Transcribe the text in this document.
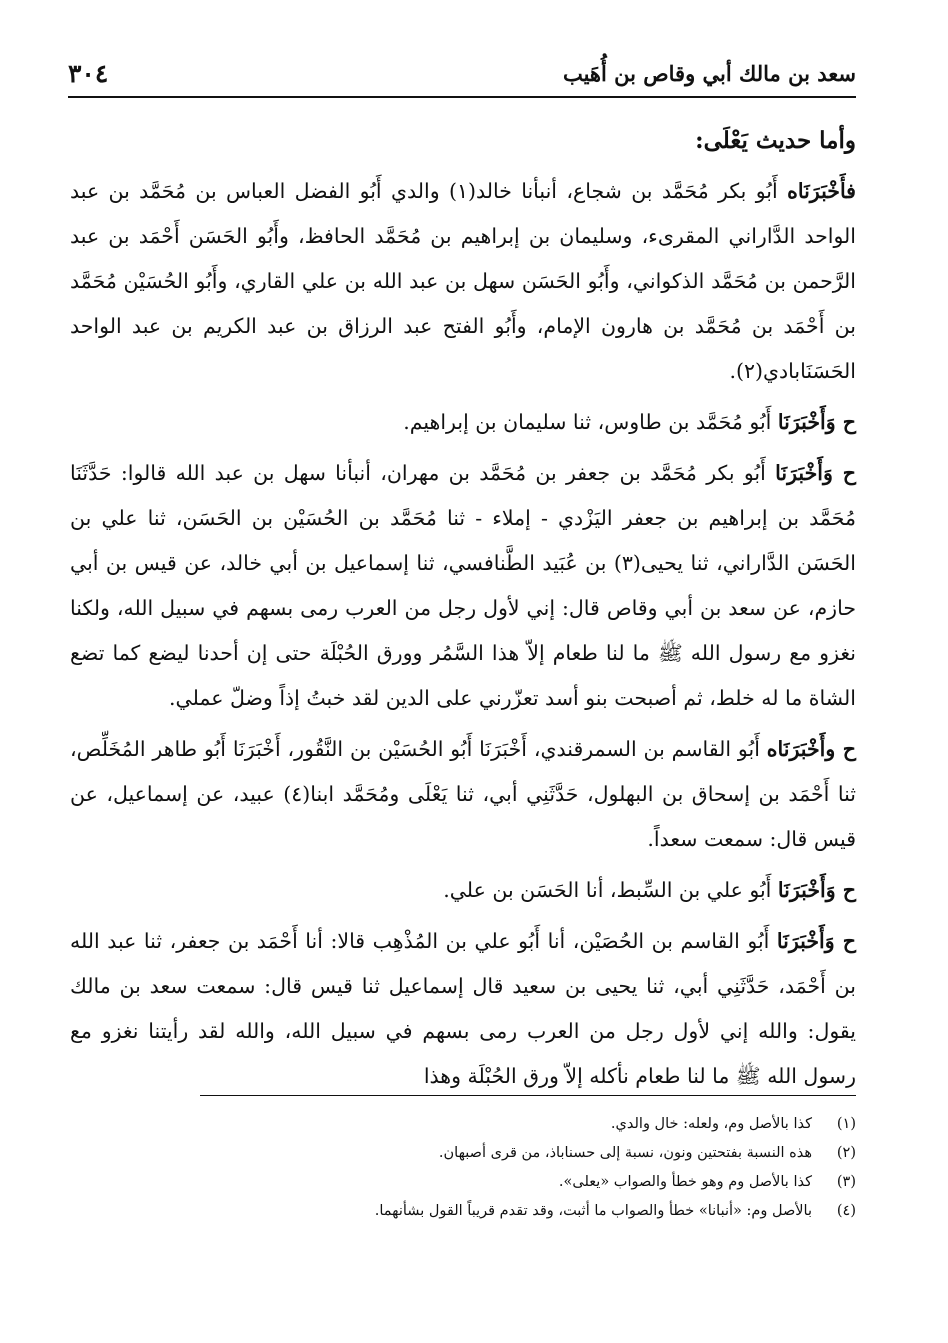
سعد بن مالك أبي وقاص بن أُهَيب
٣٠٤

وأما حديث يَعْلَى:

فأَخْبَرَنَاه أَبُو بكر مُحَمَّد بن شجاع، أنبأنا خالد(١) والدي أَبُو الفضل العباس بن مُحَمَّد بن عبد الواحد الدَّاراني المقرىء، وسليمان بن إبراهيم بن مُحَمَّد الحافظ، وأَبُو الحَسَن أَحْمَد بن عبد الرَّحمن بن مُحَمَّد الذكواني، وأَبُو الحَسَن سهل بن عبد الله بن علي القاري، وأَبُو الحُسَيْن مُحَمَّد بن أَحْمَد بن مُحَمَّد بن هارون الإمام، وأَبُو الفتح عبد الرزاق بن عبد الكريم بن عبد الواحد الحَسَنَابادي(٢).

ح وَأَخْبَرَنَا أَبُو مُحَمَّد بن طاوس، ثنا سليمان بن إبراهيم.

ح وَأَخْبَرَنَا أَبُو بكر مُحَمَّد بن جعفر بن مُحَمَّد بن مهران، أنبأنا سهل بن عبد الله قالوا: حَدَّثَنَا مُحَمَّد بن إبراهيم بن جعفر اليَزْدي - إملاء - ثنا مُحَمَّد بن الحُسَيْن بن الحَسَن، ثنا علي بن الحَسَن الدَّاراني، ثنا يحيى(٣) بن عُبَيد الطَّنافسي، ثنا إسماعيل بن أبي خالد، عن قيس بن أبي حازم، عن سعد بن أبي وقاص قال: إني لأول رجل من العرب رمى بسهم في سبيل الله، ولكنا نغزو مع رسول الله ﷺ ما لنا طعام إلاّ هذا السَّمُر وورق الحُبْلَة حتى إن أحدنا ليضع كما تضع الشاة ما له خلط، ثم أصبحت بنو أسد تعزّرني على الدين لقد خبتُ إذاً وضلّ عملي.

ح وأَخْبَرَنَاه أَبُو القاسم بن السمرقندي، أَخْبَرَنَا أَبُو الحُسَيْن بن النَّقُور، أَخْبَرَنَا أَبُو طاهر المُخَلِّص، ثنا أَحْمَد بن إسحاق بن البهلول، حَدَّثَنِي أبي، ثنا يَعْلَى ومُحَمَّد ابنا(٤) عبيد، عن إسماعيل، عن قيس قال: سمعت سعداً.

ح وَأَخْبَرَنَا أَبُو علي بن السِّبط، أنا الحَسَن بن علي.

ح وَأَخْبَرَنَا أَبُو القاسم بن الحُصَيْن، أنا أَبُو علي بن المُذْهِب قالا: أنا أَحْمَد بن جعفر، ثنا عبد الله بن أَحْمَد، حَدَّثَنِي أبي، ثنا يحيى بن سعيد قال إسماعيل ثنا قيس قال: سمعت سعد بن مالك يقول: والله إني لأول رجل من العرب رمى بسهم في سبيل الله، والله لقد رأيتنا نغزو مع رسول الله ﷺ ما لنا طعام نأكله إلاّ ورق الحُبْلَة وهذا

(١)
كذا بالأصل وم، ولعله: خال والدي.
(٢)
هذه النسبة بفتحتين ونون، نسبة إلى حسناباذ، من قرى أصبهان.
(٣)
كذا بالأصل وم وهو خطأ والصواب «يعلى».
(٤)
بالأصل وم: «أنبانا» خطأ والصواب ما أثبت، وقد تقدم قريباً القول بشأنهما.
